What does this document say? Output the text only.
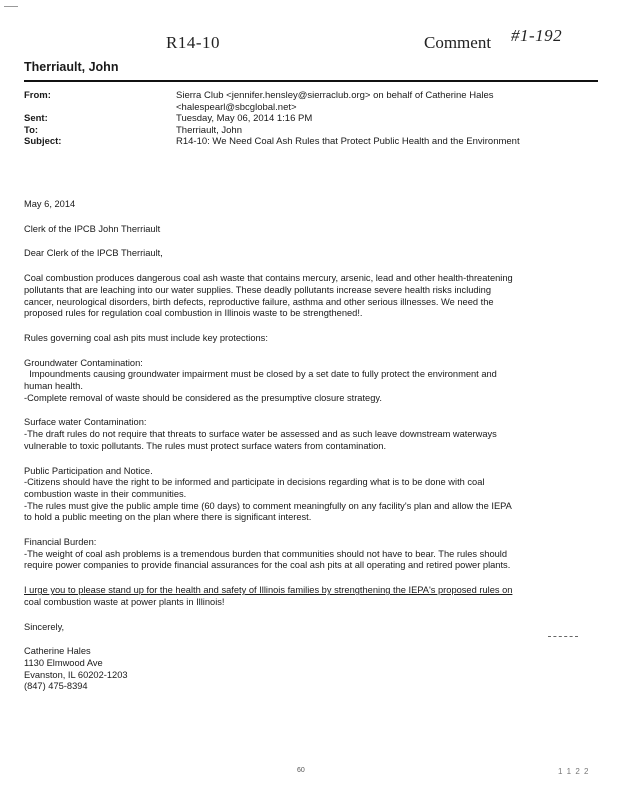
R14-10	Comment #1-192
Therriault, John
From:	Sierra Club <jennifer.hensley@sierraclub.org> on behalf of Catherine Hales
<halespearl@sbcglobal.net>
Sent:	Tuesday, May 06, 2014 1:16 PM
To:	Therriault, John
Subject:	R14-10: We Need Coal Ash Rules that Protect Public Health and the Environment

May 6, 2014

Clerk of the IPCB John Therriault

Dear Clerk of the IPCB Therriault,

Coal combustion produces dangerous coal ash waste that contains mercury, arsenic, lead and other health-threatening

pollutants that are leaching into our water supplies. These deadly pollutants increase severe health risks including

cancer, neurological disorders, birth defects, reproductive failure, asthma and other serious illnesses. We need the

proposed rules for regulation coal combustion in Illinois waste to be strengthened!.

Rules governing coal ash pits must include key protections:

Groundwater Contamination:

Impoundments causing groundwater impairment must be closed by a set date to fully protect the environment and

human health.

-Complete removal of waste should be considered as the presumptive closure strategy.

Surface water Contamination:

-The draft rules do not require that threats to surface water be assessed and as such leave downstream waterways

vulnerable to toxic pollutants. The rules must protect surface waters from contamination.

Public Participation and Notice.

-Citizens should have the right to be informed and participate in decisions regarding what is to be done with coal

combustion waste in their communities.

-The rules must give the public ample time (60 days) to comment meaningfully on any facility's plan and allow the IEPA

to hold a public meeting on the plan where there is significant interest.

Financial Burden:

-The weight of coal ash problems is a tremendous burden that communities should not have to bear. The rules should

require power companies to provide financial assurances for the coal ash pits at all operating and retired power plants.

I urge you to please stand up for the health and safety of Illinois families by strengthening the IEPA's proposed rules on

coal combustion waste at power plants in Illinois!

Sincerely,

Catherine Hales

1130 Elmwood Ave

Evanston, IL 60202-1203

(847) 475-8394

60	1 1 2 2
